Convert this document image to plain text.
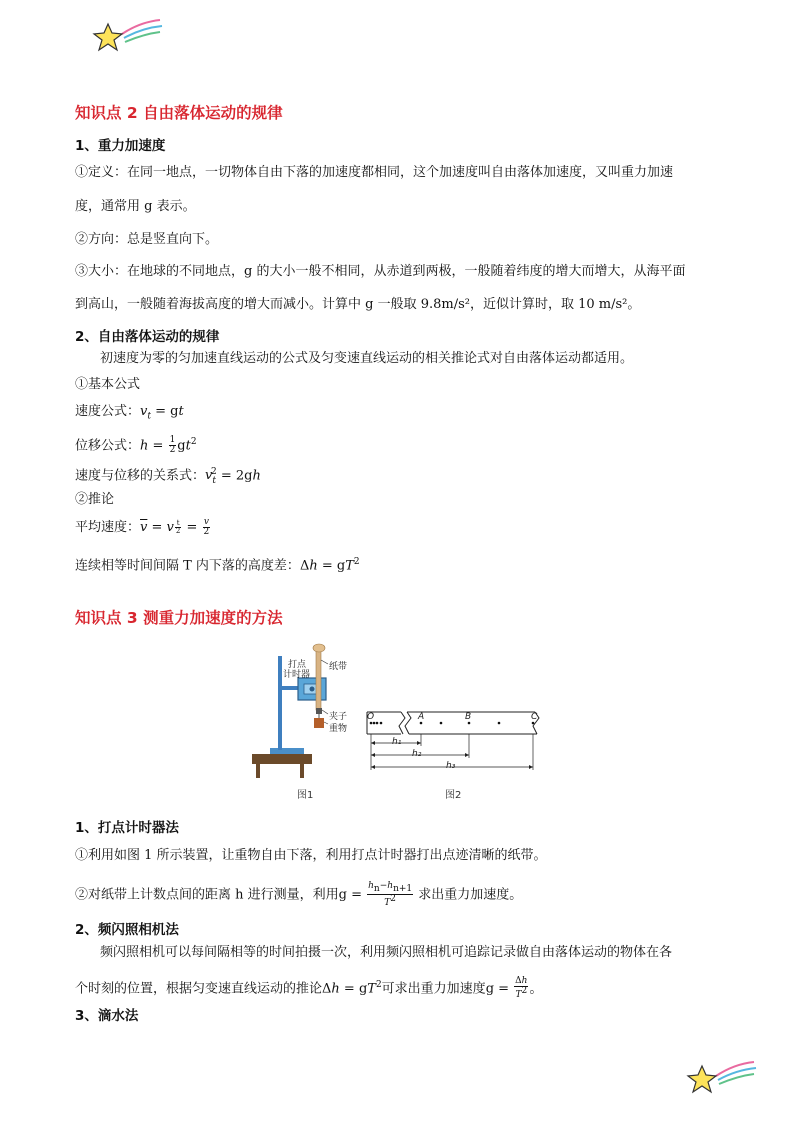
知识点 2 自由落体运动的规律
1、重力加速度
①定义：在同一地点，一切物体自由下落的加速度都相同，这个加速度叫自由落体加速度，又叫重力加速
度，通常用 g 表示。
②方向：总是竖直向下。
③大小：在地球的不同地点，g 的大小一般不相同，从赤道到两极，一般随着纬度的增大而增大，从海平面
到高山，一般随着海拔高度的增大而减小。计算中 g 一般取 9.8m/s²，近似计算时，取 10 m/s²。
2、自由落体运动的规律
初速度为零的匀加速直线运动的公式及匀变速直线运动的相关推论式对自由落体运动都适用。
①基本公式
速度公式：$v_t$ = gt
位移公式：$h = \frac{1}{2} gt^2$
速度与位移的关系式：$v_t^2 = 2gh$
②推论
平均速度：$\overline{v} = v \frac{t}{2} = \frac{v}{2}$
连续相等时间间隔 T 内下落的高度差：$\Delta h = gT^2$
知识点 3 测重力加速度的方法
打点
计时器
纸带
夹子
重物
图1
O	A	B	C
h₁
h₂
h₃
图2
1、打点计时器法
①利用如图 1 所示装置，让重物自由下落，利用打点计时器打出点迹清晰的纸带。
②对纸带上计数点间的距离 h 进行测量，利用$g = \frac{h_n-h_{n+1}}{T^2}$ 求出重力加速度。
2、频闪照相机法
频闪照相机可以每间隔相等的时间拍摄一次，利用频闪照相机可追踪记录做自由落体运动的物体在各
个时刻的位置，根据匀变速直线运动的推论$\Delta h = gT^2$可求出重力加速度$g = \frac{\Delta h}{T^2}$ 。
3、滴水法
